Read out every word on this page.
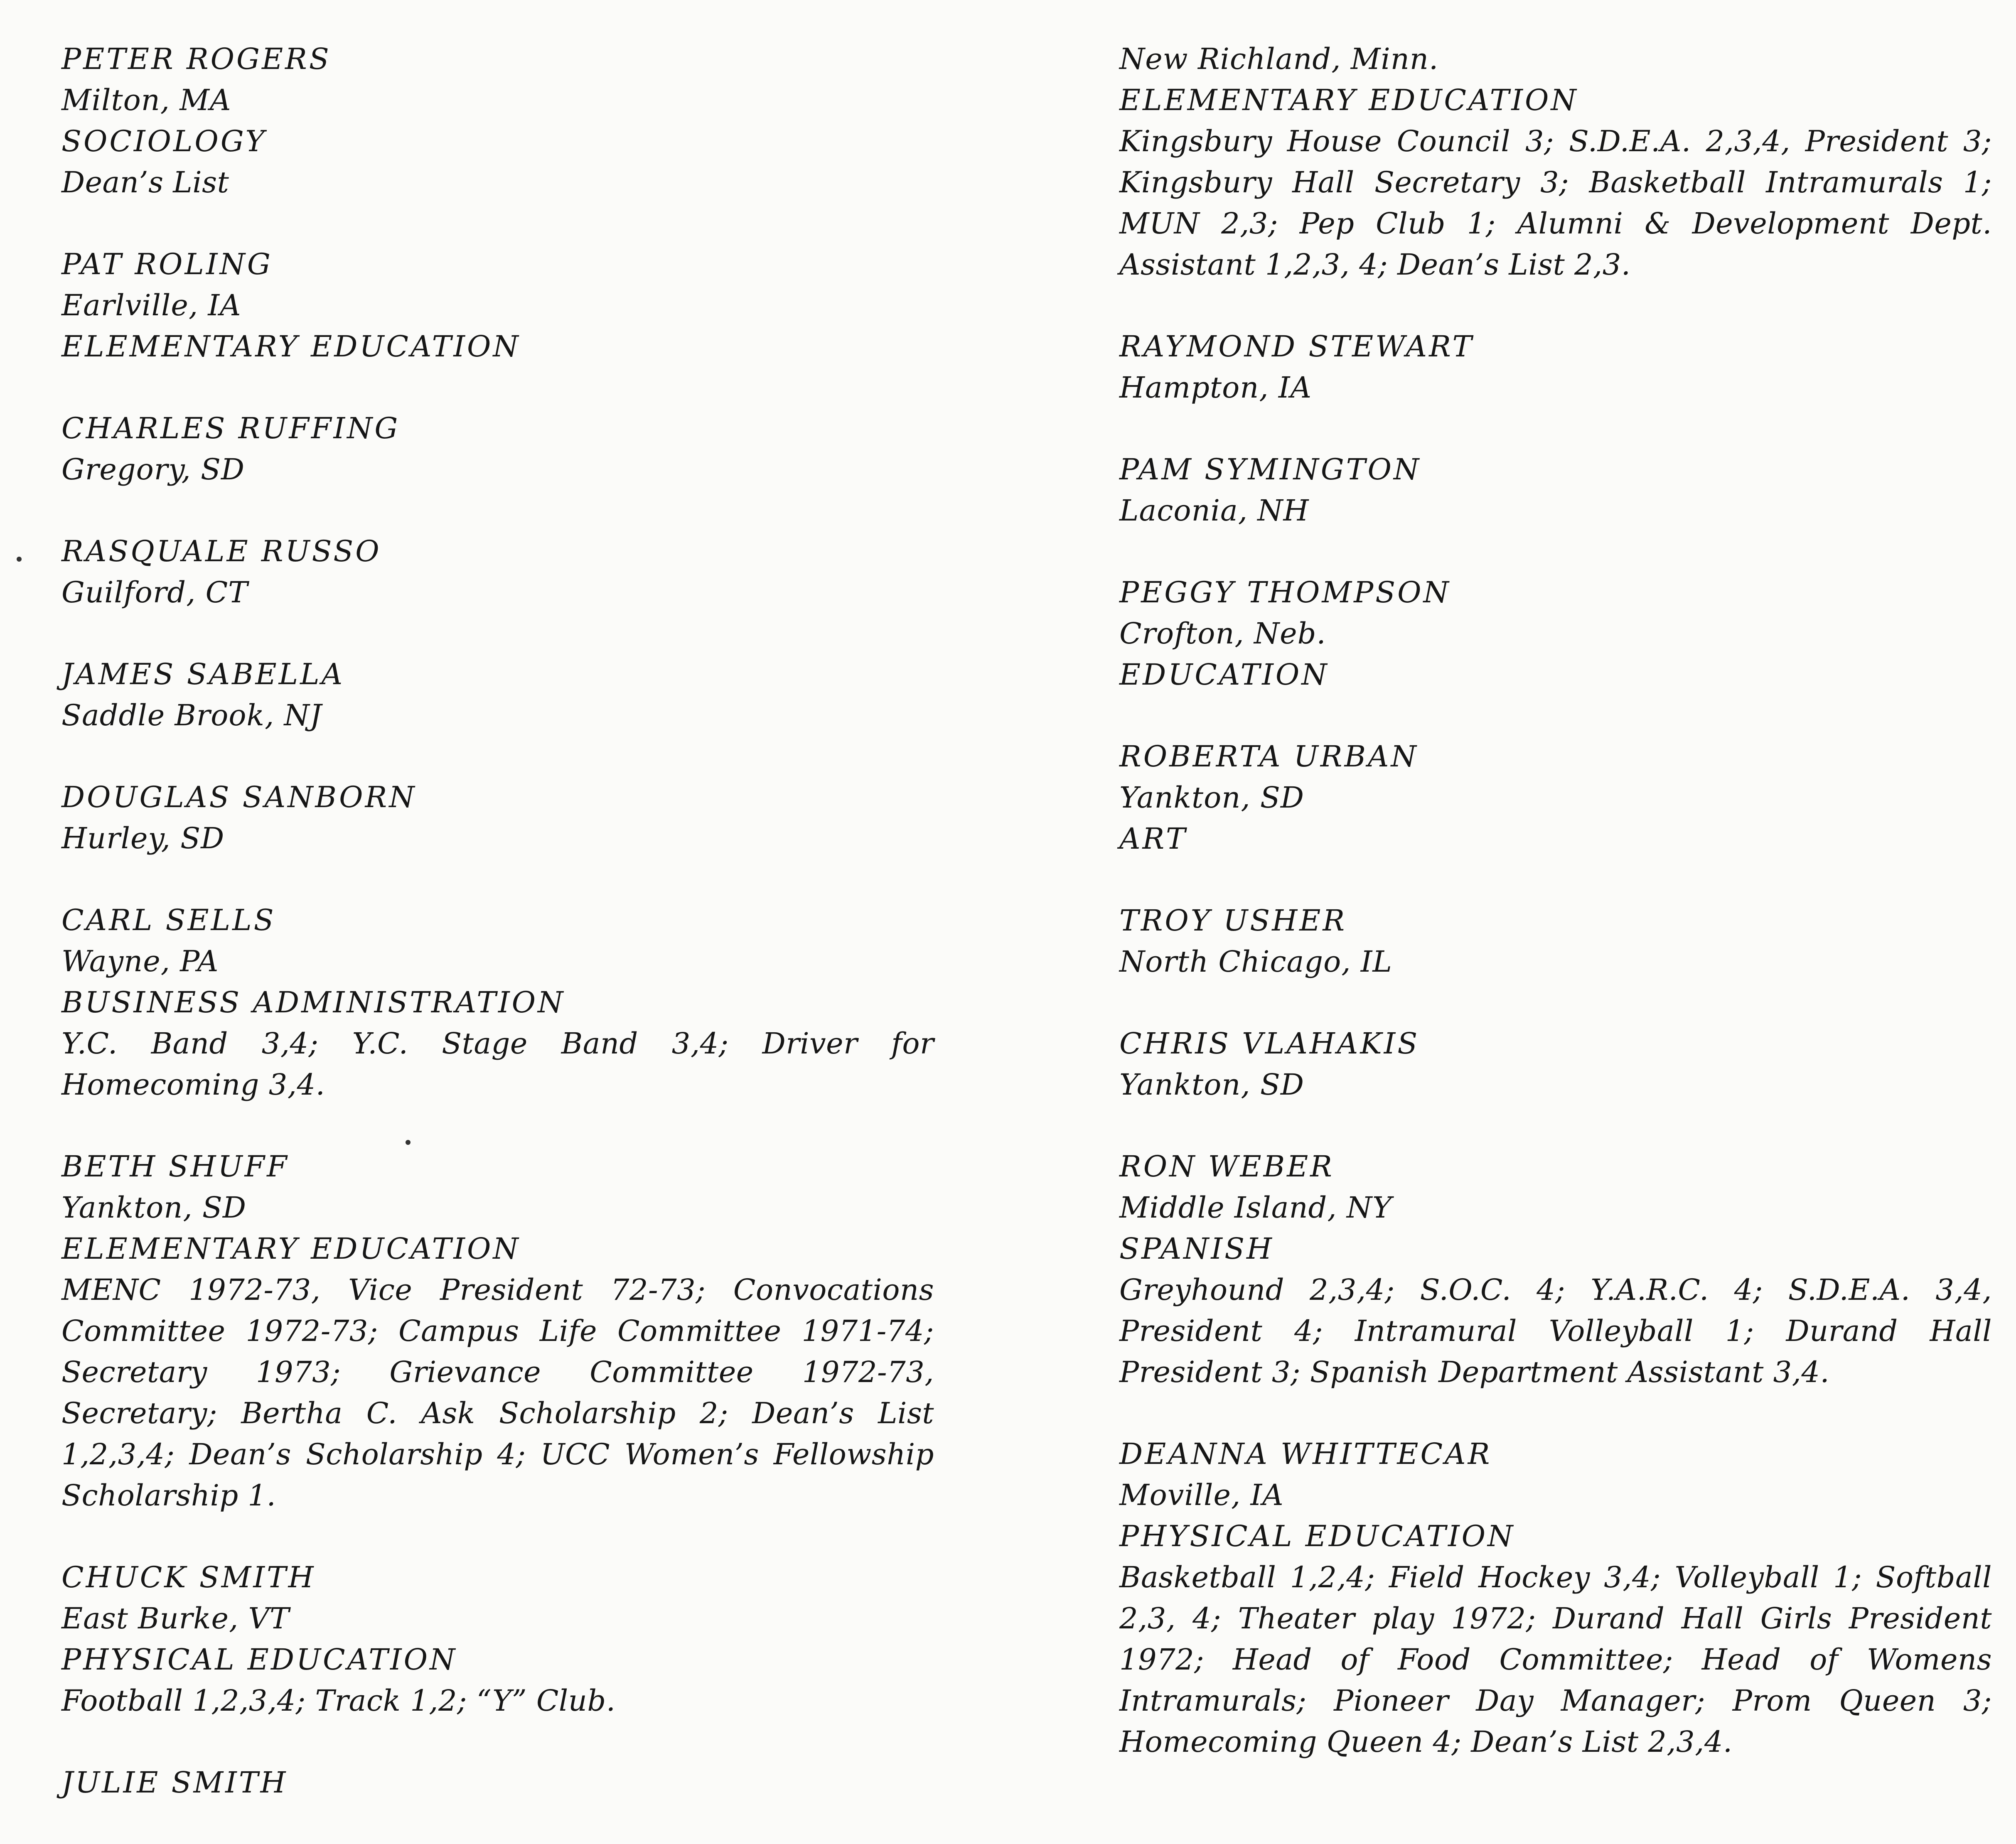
PETER ROGERS
Milton, MA
SOCIOLOGY
Dean’s List
PAT ROLING
Earlville, IA
ELEMENTARY EDUCATION
CHARLES RUFFING
Gregory, SD
RASQUALE RUSSO
Guilford, CT
JAMES SABELLA
Saddle Brook, NJ
DOUGLAS SANBORN
Hurley, SD
CARL SELLS
Wayne, PA
BUSINESS ADMINISTRATION
Y.C. Band 3,4; Y.C. Stage Band 3,4; Driver for Homecoming 3,4.
BETH SHUFF
Yankton, SD
ELEMENTARY EDUCATION
MENC 1972-73, Vice President 72-73; Convocations Committee 1972-73; Campus Life Committee 1971-74; Secretary 1973; Grievance Committee 1972-73, Secretary; Bertha C. Ask Scholarship 2; Dean’s List 1,2,3,4; Dean’s Scholarship 4; UCC Women’s Fellowship Scholarship 1.
CHUCK SMITH
East Burke, VT
PHYSICAL EDUCATION
Football 1,2,3,4; Track 1,2; “Y” Club.
JULIE SMITH
New Richland, Minn.
ELEMENTARY EDUCATION
Kingsbury House Council 3; S.D.E.A. 2,3,4, President 3; Kingsbury Hall Secretary 3; Basketball Intramurals 1; MUN 2,3; Pep Club 1; Alumni & Development Dept. Assistant 1,2,3, 4; Dean’s List 2,3.
RAYMOND STEWART
Hampton, IA
PAM SYMINGTON
Laconia, NH
PEGGY THOMPSON
Crofton, Neb.
EDUCATION
ROBERTA URBAN
Yankton, SD
ART
TROY USHER
North Chicago, IL
CHRIS VLAHAKIS
Yankton, SD
RON WEBER
Middle Island, NY
SPANISH
Greyhound 2,3,4; S.O.C. 4; Y.A.R.C. 4; S.D.E.A. 3,4, President 4; Intramural Volleyball 1; Durand Hall President 3; Spanish Department Assistant 3,4.
DEANNA WHITTECAR
Moville, IA
PHYSICAL EDUCATION
Basketball 1,2,4; Field Hockey 3,4; Volleyball 1; Softball 2,3, 4; Theater play 1972; Durand Hall Girls President 1972; Head of Food Committee; Head of Womens Intramurals; Pioneer Day Manager; Prom Queen 3; Homecoming Queen 4; Dean’s List 2,3,4.
